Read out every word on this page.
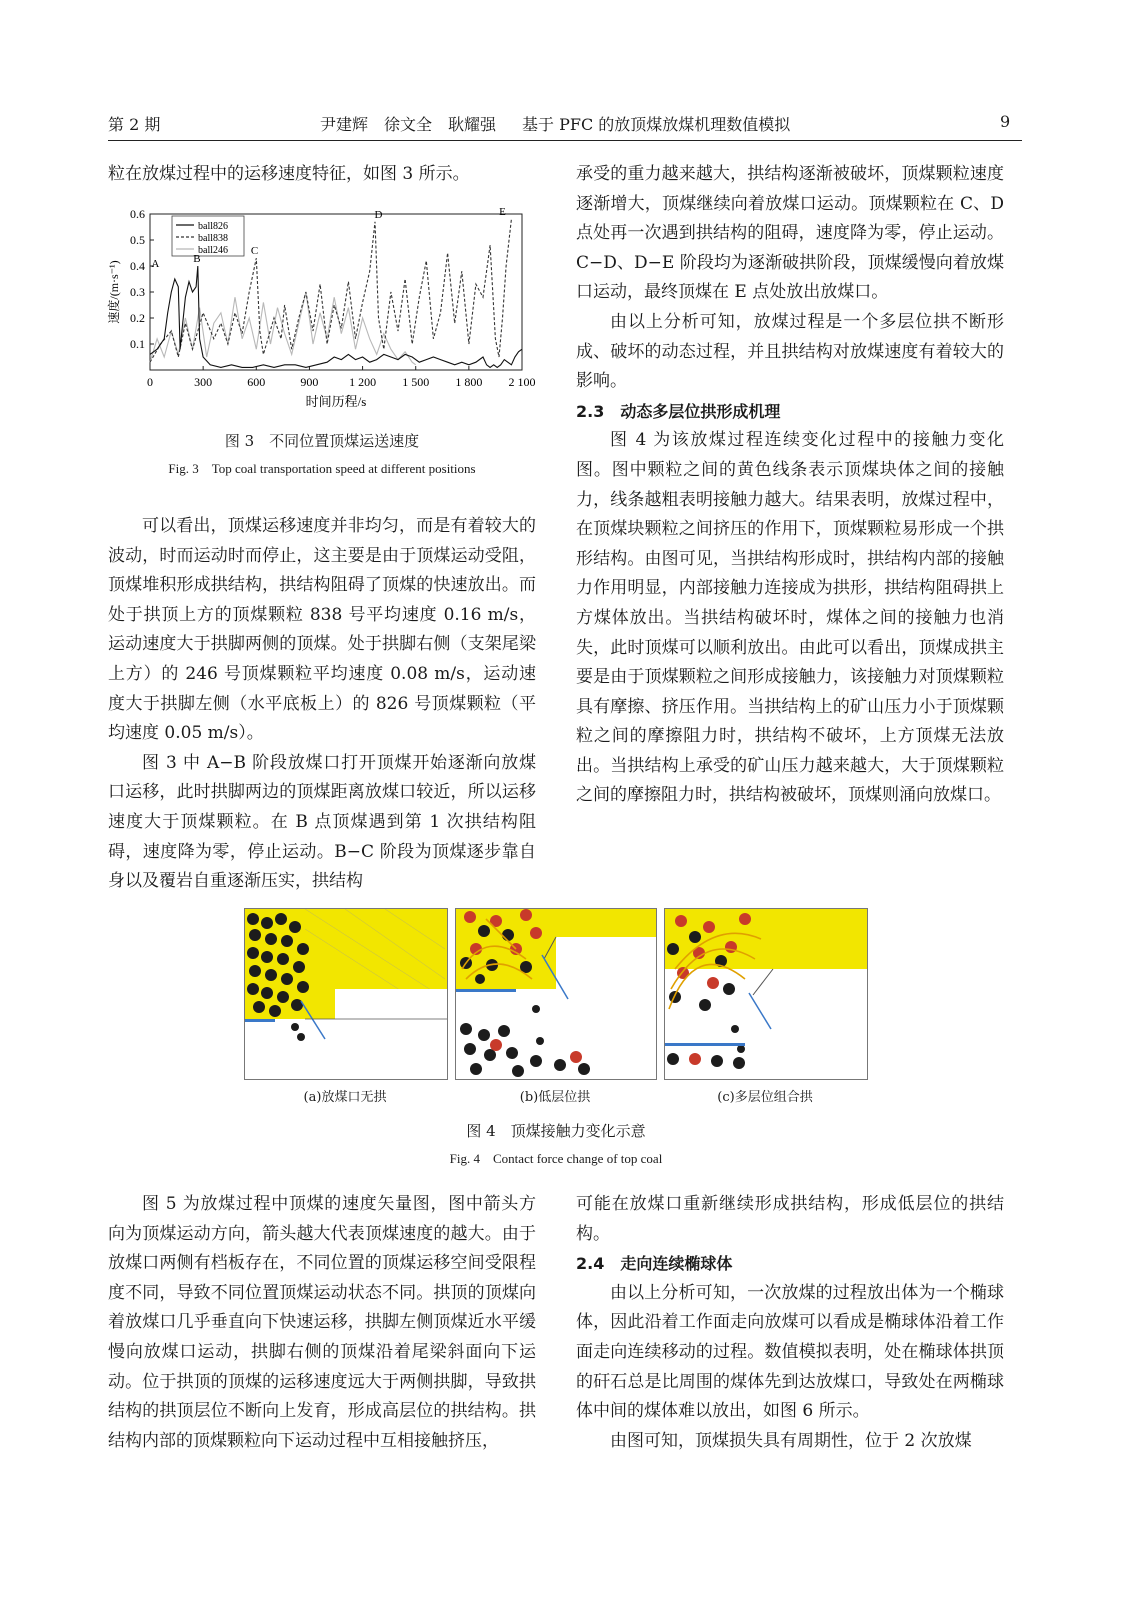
第 2 期	尹建辉　徐文全　耿耀强 基于 PFC 的放顶煤放煤机理数值模拟	9

粒在放煤过程中的运移速度特征，如图 3 所示。

0	300	600	900	1 200 1 500 1 800 2 100
0.1
0.2
0.3
0.4
0.5
0.6
时间历程/s
速度/(m·s⁻¹)
ball826
ball838
ball246
A	B
C
D	E
图 3　不同位置顶煤运送速度
Fig. 3　Top coal transportation speed at different positions

可以看出，顶煤运移速度并非均匀，而是有着较大的波动，时而运动时而停止，这主要是由于顶煤运动受阻，顶煤堆积形成拱结构，拱结构阻碍了顶煤的快速放出。而处于拱顶上方的顶煤颗粒 838 号平均速度 0.16 m/s，运动速度大于拱脚两侧的顶煤。处于拱脚右侧（支架尾梁上方）的 246 号顶煤颗粒平均速度 0.08 m/s，运动速度大于拱脚左侧（水平底板上）的 826 号顶煤颗粒（平均速度 0.05 m/s）。

图 3 中 A−B 阶段放煤口打开顶煤开始逐渐向放煤口运移，此时拱脚两边的顶煤距离放煤口较近，所以运移速度大于顶煤颗粒。在 B 点顶煤遇到第 1 次拱结构阻碍，速度降为零，停止运动。B−C 阶段为顶煤逐步靠自身以及覆岩自重逐渐压实，拱结构

承受的重力越来越大，拱结构逐渐被破坏，顶煤颗粒速度逐渐增大，顶煤继续向着放煤口运动。顶煤颗粒在 C、D 点处再一次遇到拱结构的阻碍，速度降为零，停止运动。C−D、D−E 阶段均为逐渐破拱阶段，顶煤缓慢向着放煤口运动，最终顶煤在 E 点处放出放煤口。

由以上分析可知，放煤过程是一个多层位拱不断形成、破坏的动态过程，并且拱结构对放煤速度有着较大的影响。

2.3　动态多层位拱形成机理

图 4 为该放煤过程连续变化过程中的接触力变化图。图中颗粒之间的黄色线条表示顶煤块体之间的接触力，线条越粗表明接触力越大。结果表明，放煤过程中，在顶煤块颗粒之间挤压的作用下，顶煤颗粒易形成一个拱形结构。由图可见，当拱结构形成时，拱结构内部的接触力作用明显，内部接触力连接成为拱形，拱结构阻碍拱上方煤体放出。当拱结构破坏时，煤体之间的接触力也消失，此时顶煤可以顺利放出。由此可以看出，顶煤成拱主要是由于顶煤颗粒之间形成接触力，该接触力对顶煤颗粒具有摩擦、挤压作用。当拱结构上的矿山压力小于顶煤颗粒之间的摩擦阻力时，拱结构不破坏，上方顶煤无法放出。当拱结构上承受的矿山压力越来越大，大于顶煤颗粒之间的摩擦阻力时，拱结构被破坏，顶煤则涌向放煤口。

(a)放煤口无拱	(b)低层位拱	(c)多层位组合拱
图 4　顶煤接触力变化示意
Fig. 4　Contact force change of top coal

图 5 为放煤过程中顶煤的速度矢量图，图中箭头方向为顶煤运动方向，箭头越大代表顶煤速度的越大。由于放煤口两侧有档板存在，不同位置的顶煤运移空间受限程度不同，导致不同位置顶煤运动状态不同。拱顶的顶煤向着放煤口几乎垂直向下快速运移，拱脚左侧顶煤近水平缓慢向放煤口运动，拱脚右侧的顶煤沿着尾梁斜面向下运动。位于拱顶的顶煤的运移速度远大于两侧拱脚，导致拱结构的拱顶层位不断向上发育，形成高层位的拱结构。拱结构内部的顶煤颗粒向下运动过程中互相接触挤压，

可能在放煤口重新继续形成拱结构，形成低层位的拱结构。

2.4　走向连续椭球体

由以上分析可知，一次放煤的过程放出体为一个椭球体，因此沿着工作面走向放煤可以看成是椭球体沿着工作面走向连续移动的过程。数值模拟表明，处在椭球体拱顶的矸石总是比周围的煤体先到达放煤口，导致处在两椭球体中间的煤体难以放出，如图 6 所示。

由图可知，顶煤损失具有周期性，位于 2 次放煤
